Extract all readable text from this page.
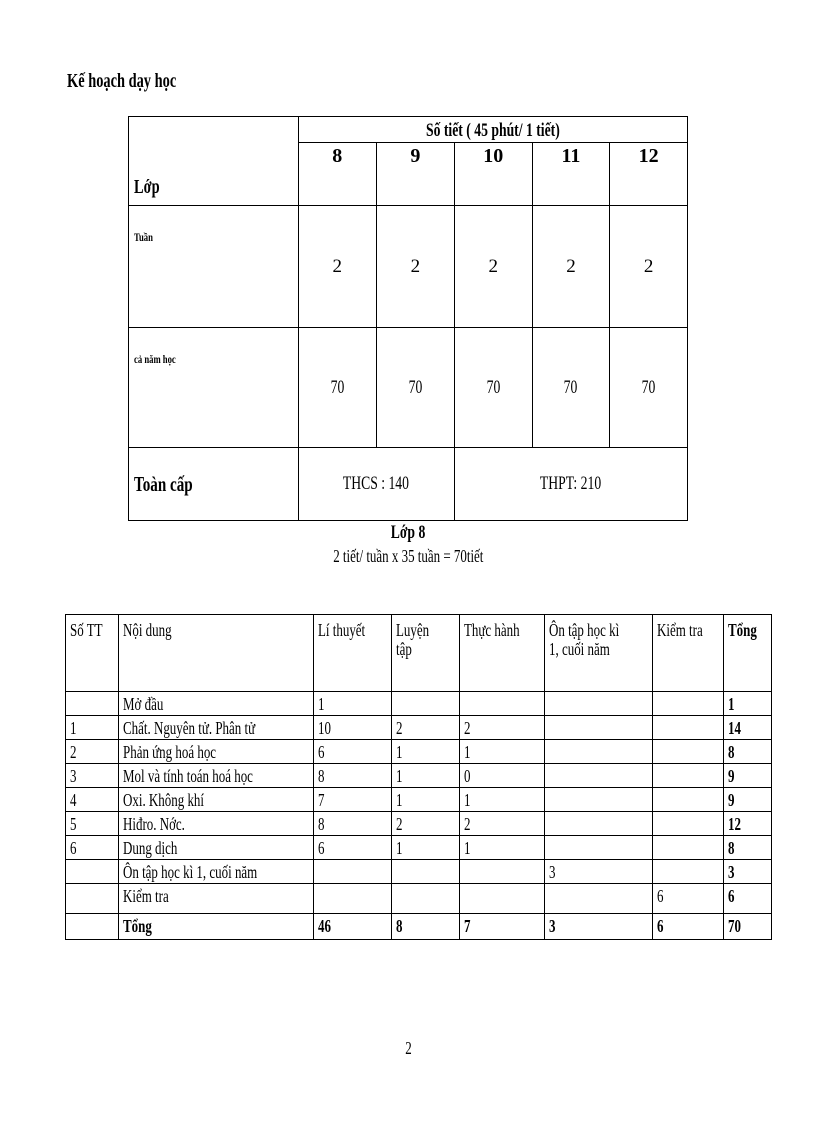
Kế hoạch dạy học
Lớp	Số tiết ( 45 phút/ 1 tiết)				
	8	9	10	11	12
Tuần	2	2	2	2	2
cả năm học	70	70	70	70	70
Toàn cấp	THCS : 140		THPT: 210		
Lớp 8
2 tiết/ tuần x 35 tuần = 70tiết
Số TT	Nội dung	Lí thuyết	Luyện tập	Thực hành	Ôn tập học kì 1, cuối năm	Kiểm tra	Tổng
	Mở đầu	1					1
1	Chất. Nguyên tử. Phân tử	10	2	2			14
2	Phản ứng hoá học	6	1	1			8
3	Mol và tính toán hoá học	8	1	0			9
4	Oxi. Không khí	7	1	1			9
5	Hiđro. Nớc.	8	2	2			12
6	Dung dịch	6	1	1			8
	Ôn tập học kì 1, cuối năm				3		3
	Kiểm tra					6	6
	Tổng	46	8	7	3	6	70
2
